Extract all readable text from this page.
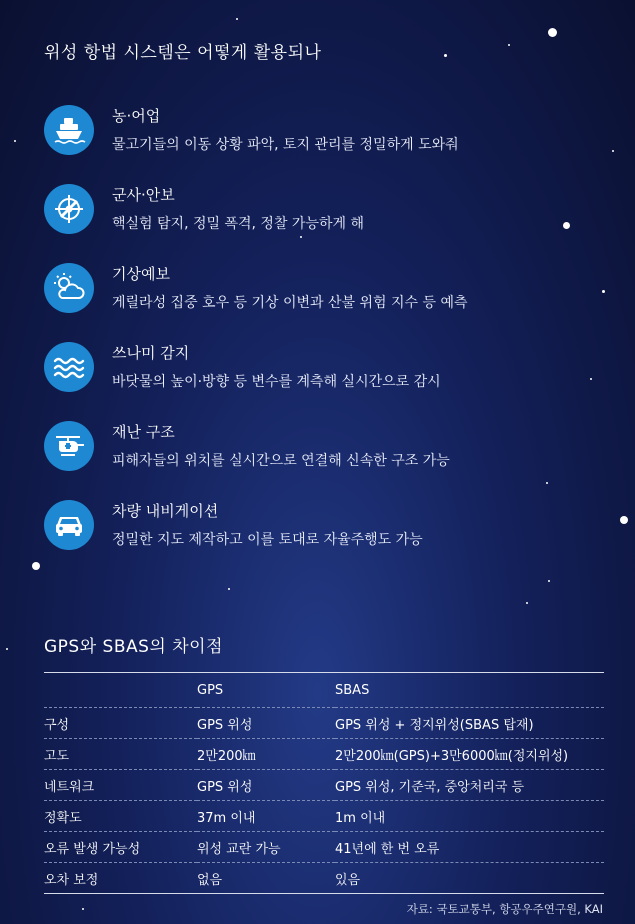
위성 항법 시스템은 어떻게 활용되나
농·어업
물고기들의 이동 상황 파악, 토지 관리를 정밀하게 도와줘
군사·안보
핵실험 탐지, 정밀 폭격, 정찰 가능하게 해
기상예보
게릴라성 집중 호우 등 기상 이변과 산불 위험 지수 등 예측
쓰나미 감지
바닷물의 높이·방향 등 변수를 계측해 실시간으로 감시
재난 구조
피해자들의 위치를 실시간으로 연결해 신속한 구조 가능
차량 내비게이션
정밀한 지도 제작하고 이를 토대로 자율주행도 가능
GPS와 SBAS의 차이점
	GPS	SBAS
구성	GPS 위성	GPS 위성 + 정지위성(SBAS 탑재)
고도	2만200㎞	2만200㎞(GPS)+3만6000㎞(정지위성)
네트워크	GPS 위성	GPS 위성, 기준국, 중앙처리국 등
정확도	37m 이내	1m 이내
오류 발생 가능성	위성 교란 가능	41년에 한 번 오류
오차 보정	없음	있음
자료: 국토교통부, 항공우주연구원, KAI
